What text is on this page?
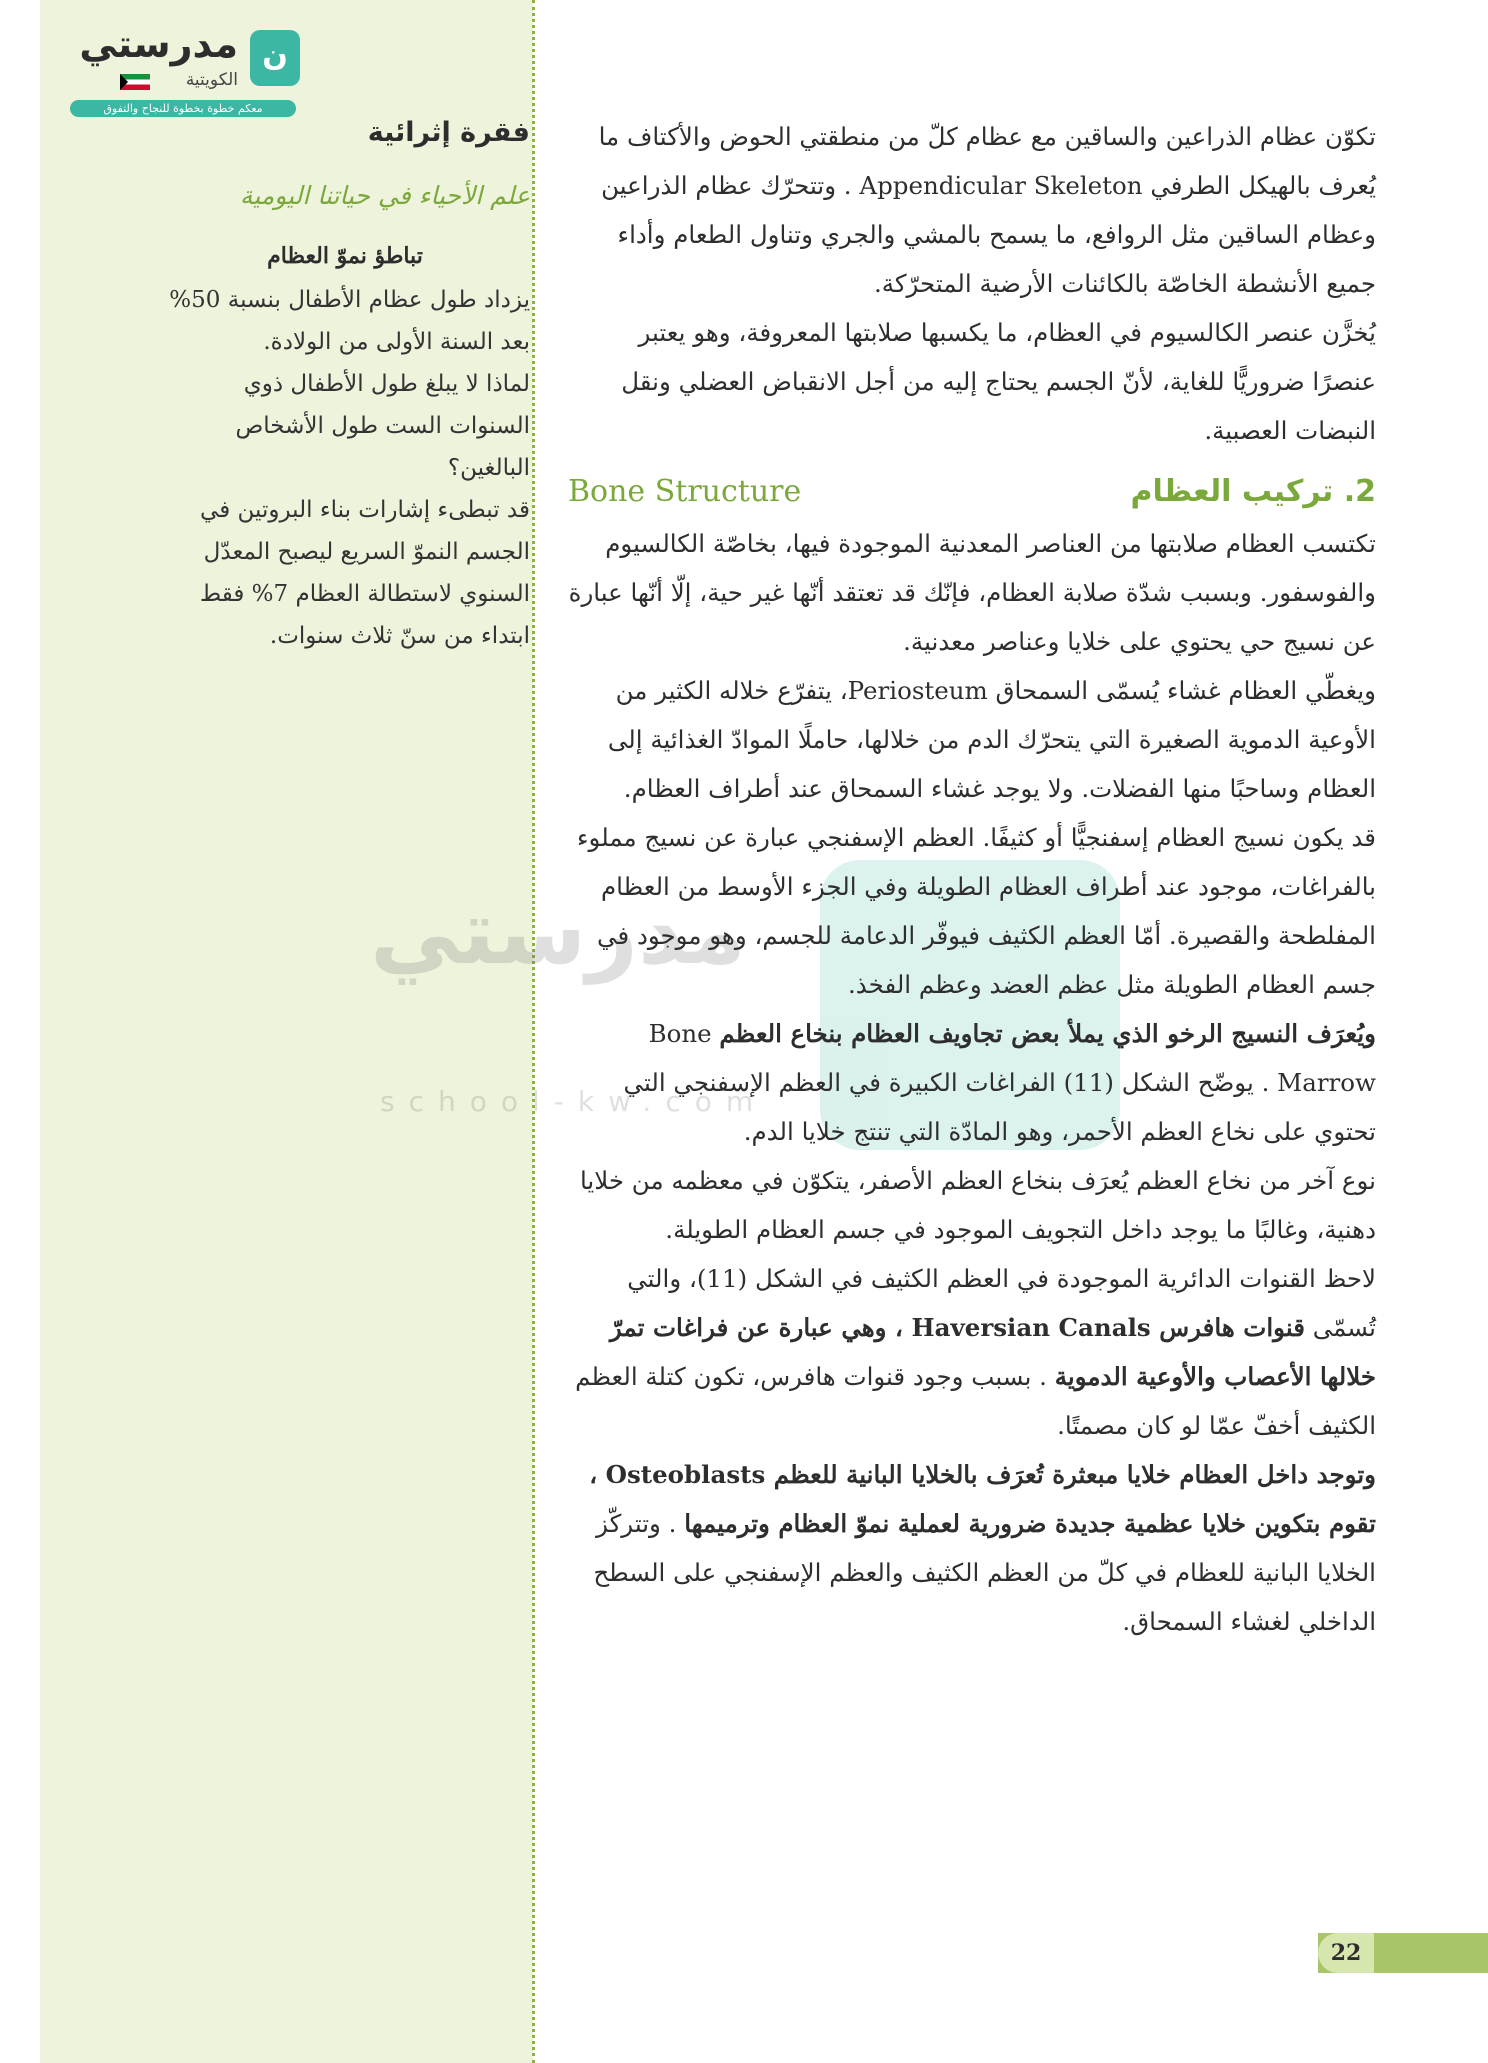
ن
مدرستي
الكويتية
معكم خطوة بخطوة للنجاح والتفوق

فقرة إثرائية

علم الأحياء في حياتنا اليومية

تباطؤ نموّ العظام

يزداد طول عظام الأطفال بنسبة 50% بعد السنة الأولى من الولادة.

لماذا لا يبلغ طول الأطفال ذوي السنوات الست طول الأشخاص البالغين؟

قد تبطىء إشارات بناء البروتين في الجسم النموّ السريع ليصبح المعدّل السنوي لاستطالة العظام 7% فقط ابتداء من سنّ ثلاث سنوات.

مدرستي
school-kw.com

تكوّن عظام الذراعين والساقين مع عظام كلّ من منطقتي الحوض والأكتاف ما يُعرف بالهيكل الطرفي Appendicular Skeleton . وتتحرّك عظام الذراعين وعظام الساقين مثل الروافع، ما يسمح بالمشي والجري وتناول الطعام وأداء جميع الأنشطة الخاصّة بالكائنات الأرضية المتحرّكة.

يُخزَّن عنصر الكالسيوم في العظام، ما يكسبها صلابتها المعروفة، وهو يعتبر عنصرًا ضروريًّا للغاية، لأنّ الجسم يحتاج إليه من أجل الانقباض العضلي ونقل النبضات العصبية.

2. تركيب العظام
Bone Structure

تكتسب العظام صلابتها من العناصر المعدنية الموجودة فيها، بخاصّة الكالسيوم والفوسفور. وبسبب شدّة صلابة العظام، فإنّك قد تعتقد أنّها غير حية، إلّا أنّها عبارة عن نسيج حي يحتوي على خلايا وعناصر معدنية.

ويغطّي العظام غشاء يُسمّى السمحاق Periosteum، يتفرّع خلاله الكثير من الأوعية الدموية الصغيرة التي يتحرّك الدم من خلالها، حاملًا الموادّ الغذائية إلى العظام وساحبًا منها الفضلات. ولا يوجد غشاء السمحاق عند أطراف العظام.

قد يكون نسيج العظام إسفنجيًّا أو كثيفًا. العظم الإسفنجي عبارة عن نسيج مملوء بالفراغات، موجود عند أطراف العظام الطويلة وفي الجزء الأوسط من العظام المفلطحة والقصيرة. أمّا العظم الكثيف فيوفّر الدعامة للجسم، وهو موجود في جسم العظام الطويلة مثل عظم العضد وعظم الفخذ.

ويُعرَف النسيج الرخو الذي يملأ بعض تجاويف العظام بنخاع العظم Bone Marrow . يوضّح الشكل (11) الفراغات الكبيرة في العظم الإسفنجي التي تحتوي على نخاع العظم الأحمر، وهو المادّة التي تنتج خلايا الدم.

نوع آخر من نخاع العظم يُعرَف بنخاع العظم الأصفر، يتكوّن في معظمه من خلايا دهنية، وغالبًا ما يوجد داخل التجويف الموجود في جسم العظام الطويلة.

لاحظ القنوات الدائرية الموجودة في العظم الكثيف في الشكل (11)، والتي تُسمّى قنوات هافرس Haversian Canals ، وهي عبارة عن فراغات تمرّ خلالها الأعصاب والأوعية الدموية . بسبب وجود قنوات هافرس، تكون كتلة العظم الكثيف أخفّ عمّا لو كان مصمتًا.

وتوجد داخل العظام خلايا مبعثرة تُعرَف بالخلايا البانية للعظم Osteoblasts ، تقوم بتكوين خلايا عظمية جديدة ضرورية لعملية نموّ العظام وترميمها . وتتركّز الخلايا البانية للعظام في كلّ من العظم الكثيف والعظم الإسفنجي على السطح الداخلي لغشاء السمحاق.

22
